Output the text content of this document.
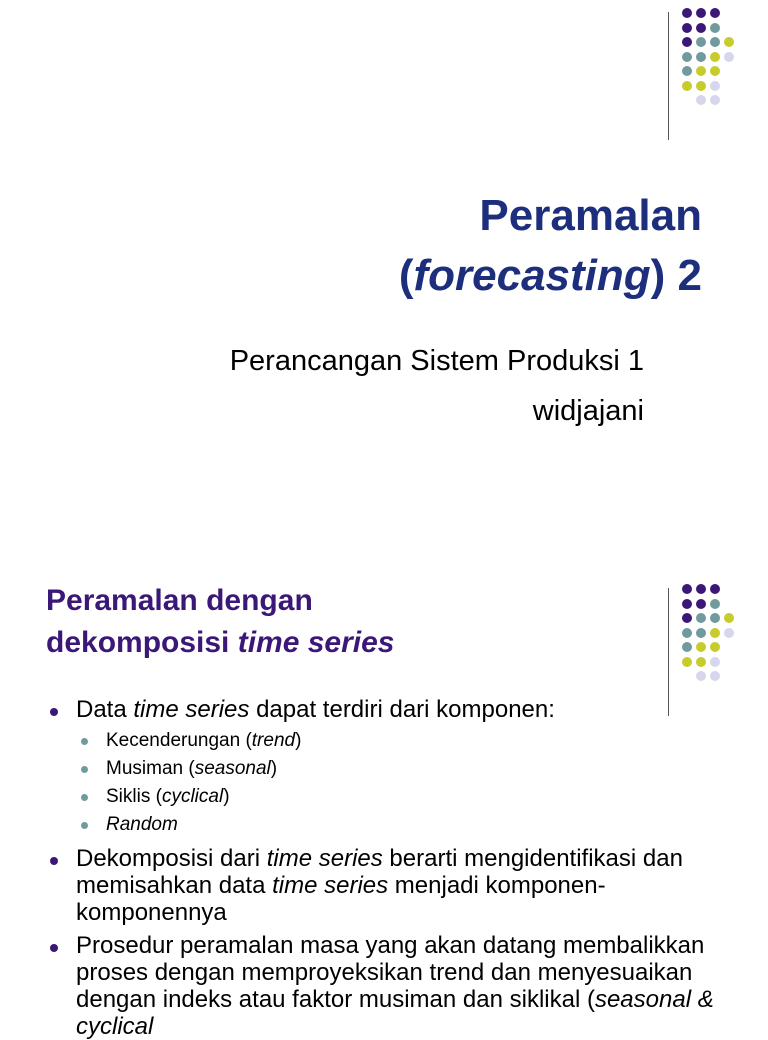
Peramalan
(forecasting) 2
Perancangan Sistem Produksi 1
widjajani
Peramalan dengan
dekomposisi time series
Data time series dapat terdiri dari komponen:
Kecenderungan (trend)
Musiman (seasonal)
Siklis (cyclical)
Random
Dekomposisi dari time series berarti mengidentifikasi dan memisahkan data time series menjadi komponen-komponennya
Prosedur peramalan masa yang akan datang membalikkan proses dengan memproyeksikan trend dan menyesuaikan dengan indeks atau faktor musiman dan siklikal (seasonal & cyclical
